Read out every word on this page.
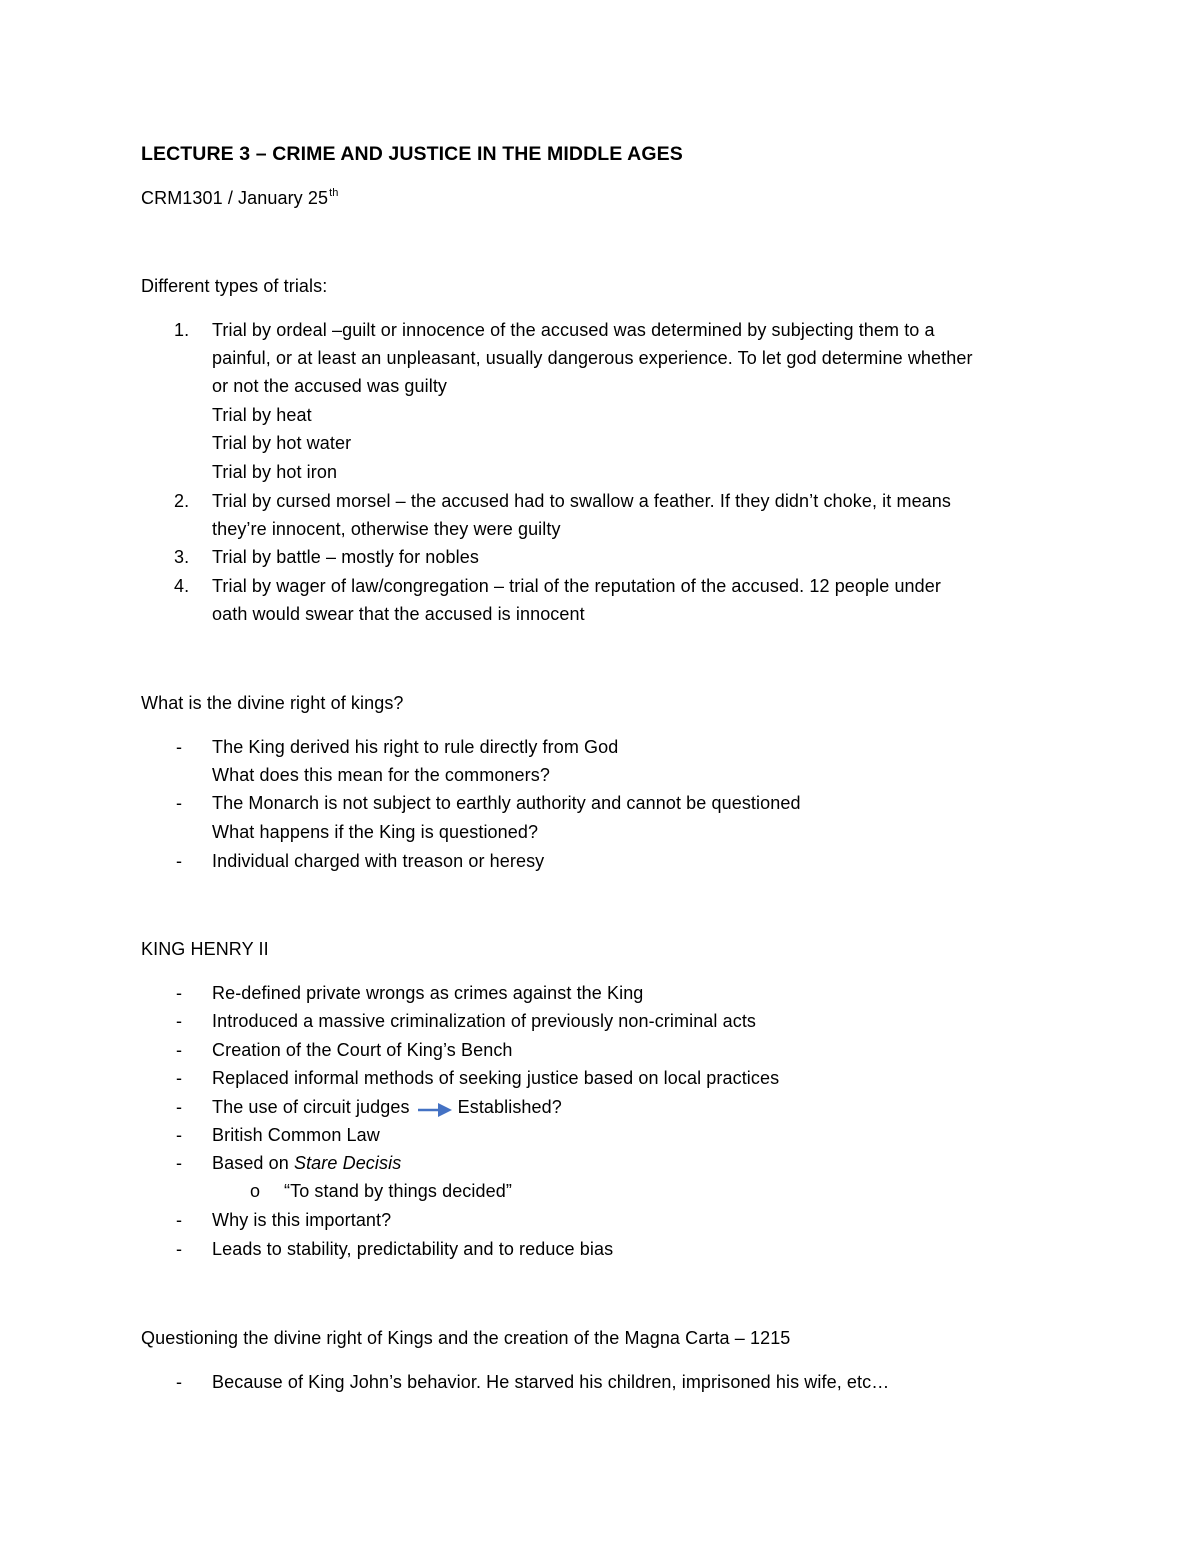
LECTURE 3 – CRIME AND JUSTICE IN THE MIDDLE AGES
CRM1301 / January 25th
Different types of trials:
1. Trial by ordeal –guilt or innocence of the accused was determined by subjecting them to a
painful, or at least an unpleasant, usually dangerous experience. To let god determine whether
or not the accused was guilty
Trial by heat
Trial by hot water
Trial by hot iron
2. Trial by cursed morsel – the accused had to swallow a feather. If they didn’t choke, it means
they’re innocent, otherwise they were guilty
3. Trial by battle – mostly for nobles
4. Trial by wager of law/congregation – trial of the reputation of the accused. 12 people under
oath would swear that the accused is innocent
What is the divine right of kings?
- The King derived his right to rule directly from God
What does this mean for the commoners?
- The Monarch is not subject to earthly authority and cannot be questioned
What happens if the King is questioned?
- Individual charged with treason or heresy
KING HENRY II
- Re-defined private wrongs as crimes against the King
- Introduced a massive criminalization of previously non-criminal acts
- Creation of the Court of King’s Bench
- Replaced informal methods of seeking justice based on local practices
- The use of circuit judges	Established?
- British Common Law
- Based on Stare Decisis
o “To stand by things decided”
- Why is this important?
- Leads to stability, predictability and to reduce bias
Questioning the divine right of Kings and the creation of the Magna Carta – 1215
- Because of King John’s behavior. He starved his children, imprisoned his wife, etc…
